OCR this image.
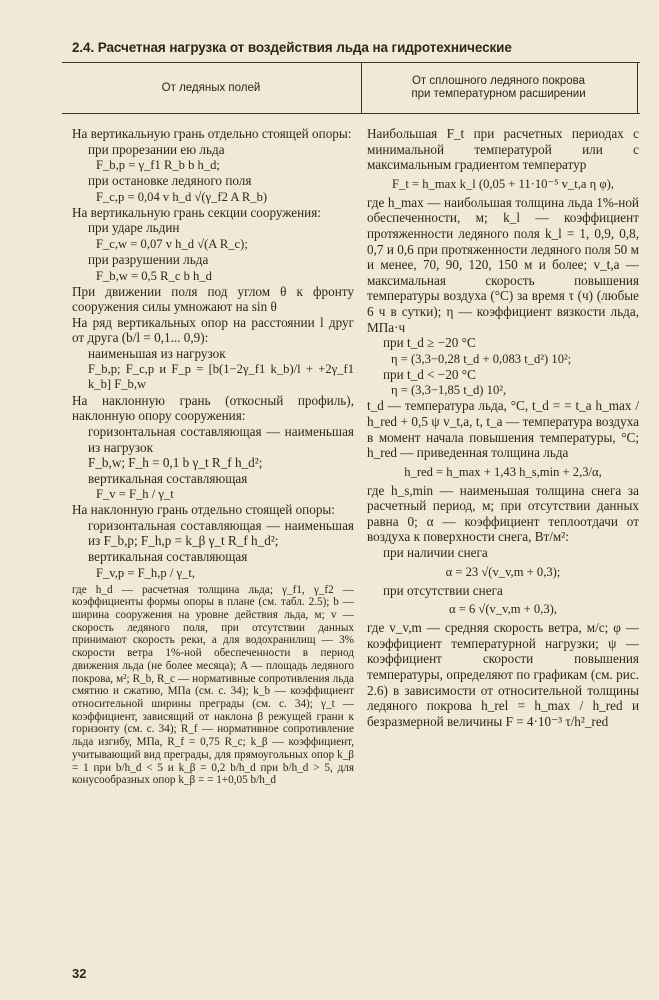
2.4. Расчетная нагрузка от воздействия льда на гидротехнические
От ледяных полей
От сплошного ледяного покрова
при температурном расширении

На вертикальную грань отдельно стоящей опоры:

при прорезании ею льда

F_b,p = γ_f1 R_b b h_d;

при остановке ледяного поля

F_c,p = 0,04 v h_d √(γ_f2 A R_b)

На вертикальную грань секции сооружения:

при ударе льдин

F_c,w = 0,07 v h_d √(A R_c);

при разрушении льда

F_b,w = 0,5 R_c b h_d

При движении поля под углом θ к фронту сооружения силы умножают на sin θ

На ряд вертикальных опор на расстоянии l друг от друга (b/l = 0,1... 0,9):

наименьшая из нагрузок

F_b,p; F_c,p и F_p = [b(1−2γ_f1 k_b)/l + +2γ_f1 k_b] F_b,w

На наклонную грань (откосный профиль), наклонную опору сооружения:

горизонтальная составляющая — наименьшая из нагрузок

F_b,w; F_h = 0,1 b γ_t R_f h_d²;

вертикальная составляющая

F_v = F_h / γ_t

На наклонную грань отдельно стоящей опоры:

горизонтальная составляющая — наименьшая из F_b,p; F_h,p = k_β γ_t R_f h_d²;

вертикальная составляющая

F_v,p = F_h,p / γ_t,

где h_d — расчетная толщина льда; γ_f1, γ_f2 — коэффициенты формы опоры в плане (см. табл. 2.5); b — ширина сооружения на уровне действия льда, м; v — скорость ледяного поля, при отсутствии данных принимают скорость реки, а для водохранилищ — 3% скорости ветра 1%-ной обеспеченности в период движения льда (не более месяца); A — площадь ледяного покрова, м²; R_b, R_c — нормативные сопротивления льда смятию и сжатию, МПа (см. с. 34); k_b — коэффициент относительной ширины преграды (см. с. 34); γ_t — коэффициент, зависящий от наклона β режущей грани к горизонту (см. с. 34); R_f — нормативное сопротивление льда изгибу, МПа, R_f = 0,75 R_c; k_β — коэффициент, учитывающий вид преграды, для прямоугольных опор k_β = 1 при b/h_d < 5 и k_β = 0,2 b/h_d при b/h_d > 5, для конусообразных опор k_β = = 1+0,05 b/h_d

Наибольшая F_t при расчетных периодах с минимальной температурой или с максимальным градиентом температур

F_t = h_max k_l (0,05 + 11·10⁻⁵ v_t,a η φ),

где h_max — наибольшая толщина льда 1%-ной обеспеченности, м; k_l — коэффициент протяженности ледяного поля k_l = 1, 0,9, 0,8, 0,7 и 0,6 при протяженности ледяного поля 50 м и менее, 70, 90, 120, 150 м и более; v_t,a — максимальная скорость повышения температуры воздуха (°C) за время τ (ч) (любые 6 ч в сутки); η — коэффициент вязкости льда, МПа·ч

при t_d ≥ −20 °C

η = (3,3−0,28 t_d + 0,083 t_d²) 10²;

при t_d < −20 °C

η = (3,3−1,85 t_d) 10²,

t_d — температура льда, °C, t_d = = t_a h_max / h_red + 0,5 ψ v_t,a, t, t_a — температура воздуха в момент начала повышения температуры, °C; h_red — приведенная толщина льда

h_red = h_max + 1,43 h_s,min + 2,3/α,

где h_s,min — наименьшая толщина снега за расчетный период, м; при отсутствии данных равна 0; α — коэффициент теплоотдачи от воздуха к поверхности снега, Вт/м²:

при наличии снега

α = 23 √(v_v,m + 0,3);

при отсутствии снега

α = 6 √(v_v,m + 0,3),

где v_v,m — средняя скорость ветра, м/с; φ — коэффициент температурной нагрузки; ψ — коэффициент скорости повышения температуры, определяют по графикам (см. рис. 2.6) в зависимости от относительной толщины ледяного покрова h_rel = h_max / h_red и безразмерной величины F = 4·10⁻³ τ/h²_red

32
